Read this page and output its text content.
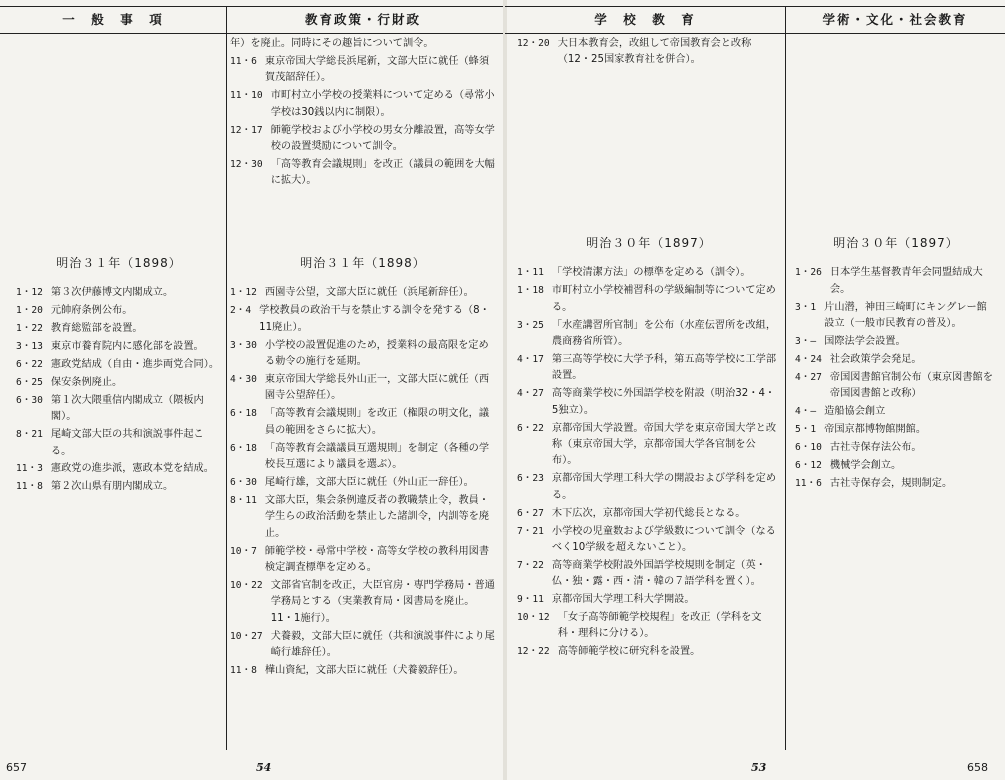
一　般　事　項	教育政策・行財政
明治３１年（1898）
1・12 第３次伊藤博文内閣成立。
1・20 元帥府条例公布。
1・22 教育総監部を設置。
3・13 東京市養育院内に感化部を設置。
6・22 憲政党結成（自由・進歩両党合同）。
6・25 保安条例廃止。
6・30 第１次大隈重信内閣成立（隈板内閣）。
8・21 尾崎文部大臣の共和演説事件起こる。
11・3 憲政党の進歩派，憲政本党を結成。
11・8 第２次山県有朋内閣成立。
年）を廃止。同時にその趣旨について訓令。
11・6 東京帝国大学総長浜尾新，文部大臣に就任（蜂須賀茂韶辞任）。
11・10 市町村立小学校の授業料について定める（尋常小学校は30銭以内に制限）。
12・17 師範学校および小学校の男女分離設置，高等女学校の設置奨励について訓令。
12・30 「高等教育会議規則」を改正（議員の範囲を大幅に拡大）。
明治３１年（1898）
1・12 西園寺公望，文部大臣に就任（浜尾新辞任）。
2・4 学校教員の政治干与を禁止する訓令を発する（8・11廃止）。
3・30 小学校の設置促進のため，授業料の最高限を定める勅令の施行を延期。
4・30 東京帝国大学総長外山正一，文部大臣に就任（西園寺公望辞任）。
6・18 「高等教育会議規則」を改正（権限の明文化，議員の範囲をさらに拡大）。
6・18 「高等教育会議議員互選規則」を制定（各種の学校長互選により議員を選ぶ）。
6・30 尾崎行雄，文部大臣に就任（外山正一辞任）。
8・11 文部大臣，集会条例違反者の教職禁止令，教員・学生らの政治活動を禁止した諸訓令，内訓等を廃止。
10・7 師範学校・尋常中学校・高等女学校の教科用図書検定調査標準を定める。
10・22 文部省官制を改正，大臣官房・専門学務局・普通学務局とする（実業教育局・図書局を廃止。11・1施行）。
10・27 犬養毅，文部大臣に就任（共和演説事件により尾崎行雄辞任）。
11・8 樺山資紀，文部大臣に就任（犬養毅辞任）。
657	54
学　校　教　育	学術・文化・社会教育
12・20 大日本教育会，改組して帝国教育会と改称（12・25国家教育社を併合）。
明治３０年（1897）
1・11 「学校清潔方法」の標準を定める（訓令）。
1・18 市町村立小学校補習科の学級編制等について定める。
3・25 「水産講習所官制」を公布（水産伝習所を改組，農商務省所管）。
4・17 第三高等学校に大学予科，第五高等学校に工学部設置。
4・27 高等商業学校に外国語学校を附設（明治32・4・5独立）。
6・22 京都帝国大学設置。帝国大学を東京帝国大学と改称（東京帝国大学，京都帝国大学各官制を公布）。
6・23 京都帝国大学理工科大学の開設および学科を定める。
6・27 木下広次，京都帝国大学初代総長となる。
7・21 小学校の児童数および学級数について訓令（なるべく10学級を超えないこと）。
7・22 高等商業学校附設外国語学校規則を制定（英・仏・独・露・西・清・韓の７語学科を置く）。
9・11 京都帝国大学理工科大学開設。
10・12 「女子高等師範学校規程」を改正（学科を文科・理科に分ける）。
12・22 高等師範学校に研究科を設置。
明治３０年（1897）
1・26 日本学生基督教青年会同盟結成大会。
3・1 片山潜，神田三崎町にキングレー館設立（一般市民教育の普及）。
3・― 国際法学会設置。
4・24 社会政策学会発足。
4・27 帝国図書館官制公布（東京図書館を帝国図書館と改称）
4・― 造船協会創立
5・1 帝国京都博物館開館。
6・10 古社寺保存法公布。
6・12 機械学会創立。
11・6 古社寺保存会，規則制定。
53	658
